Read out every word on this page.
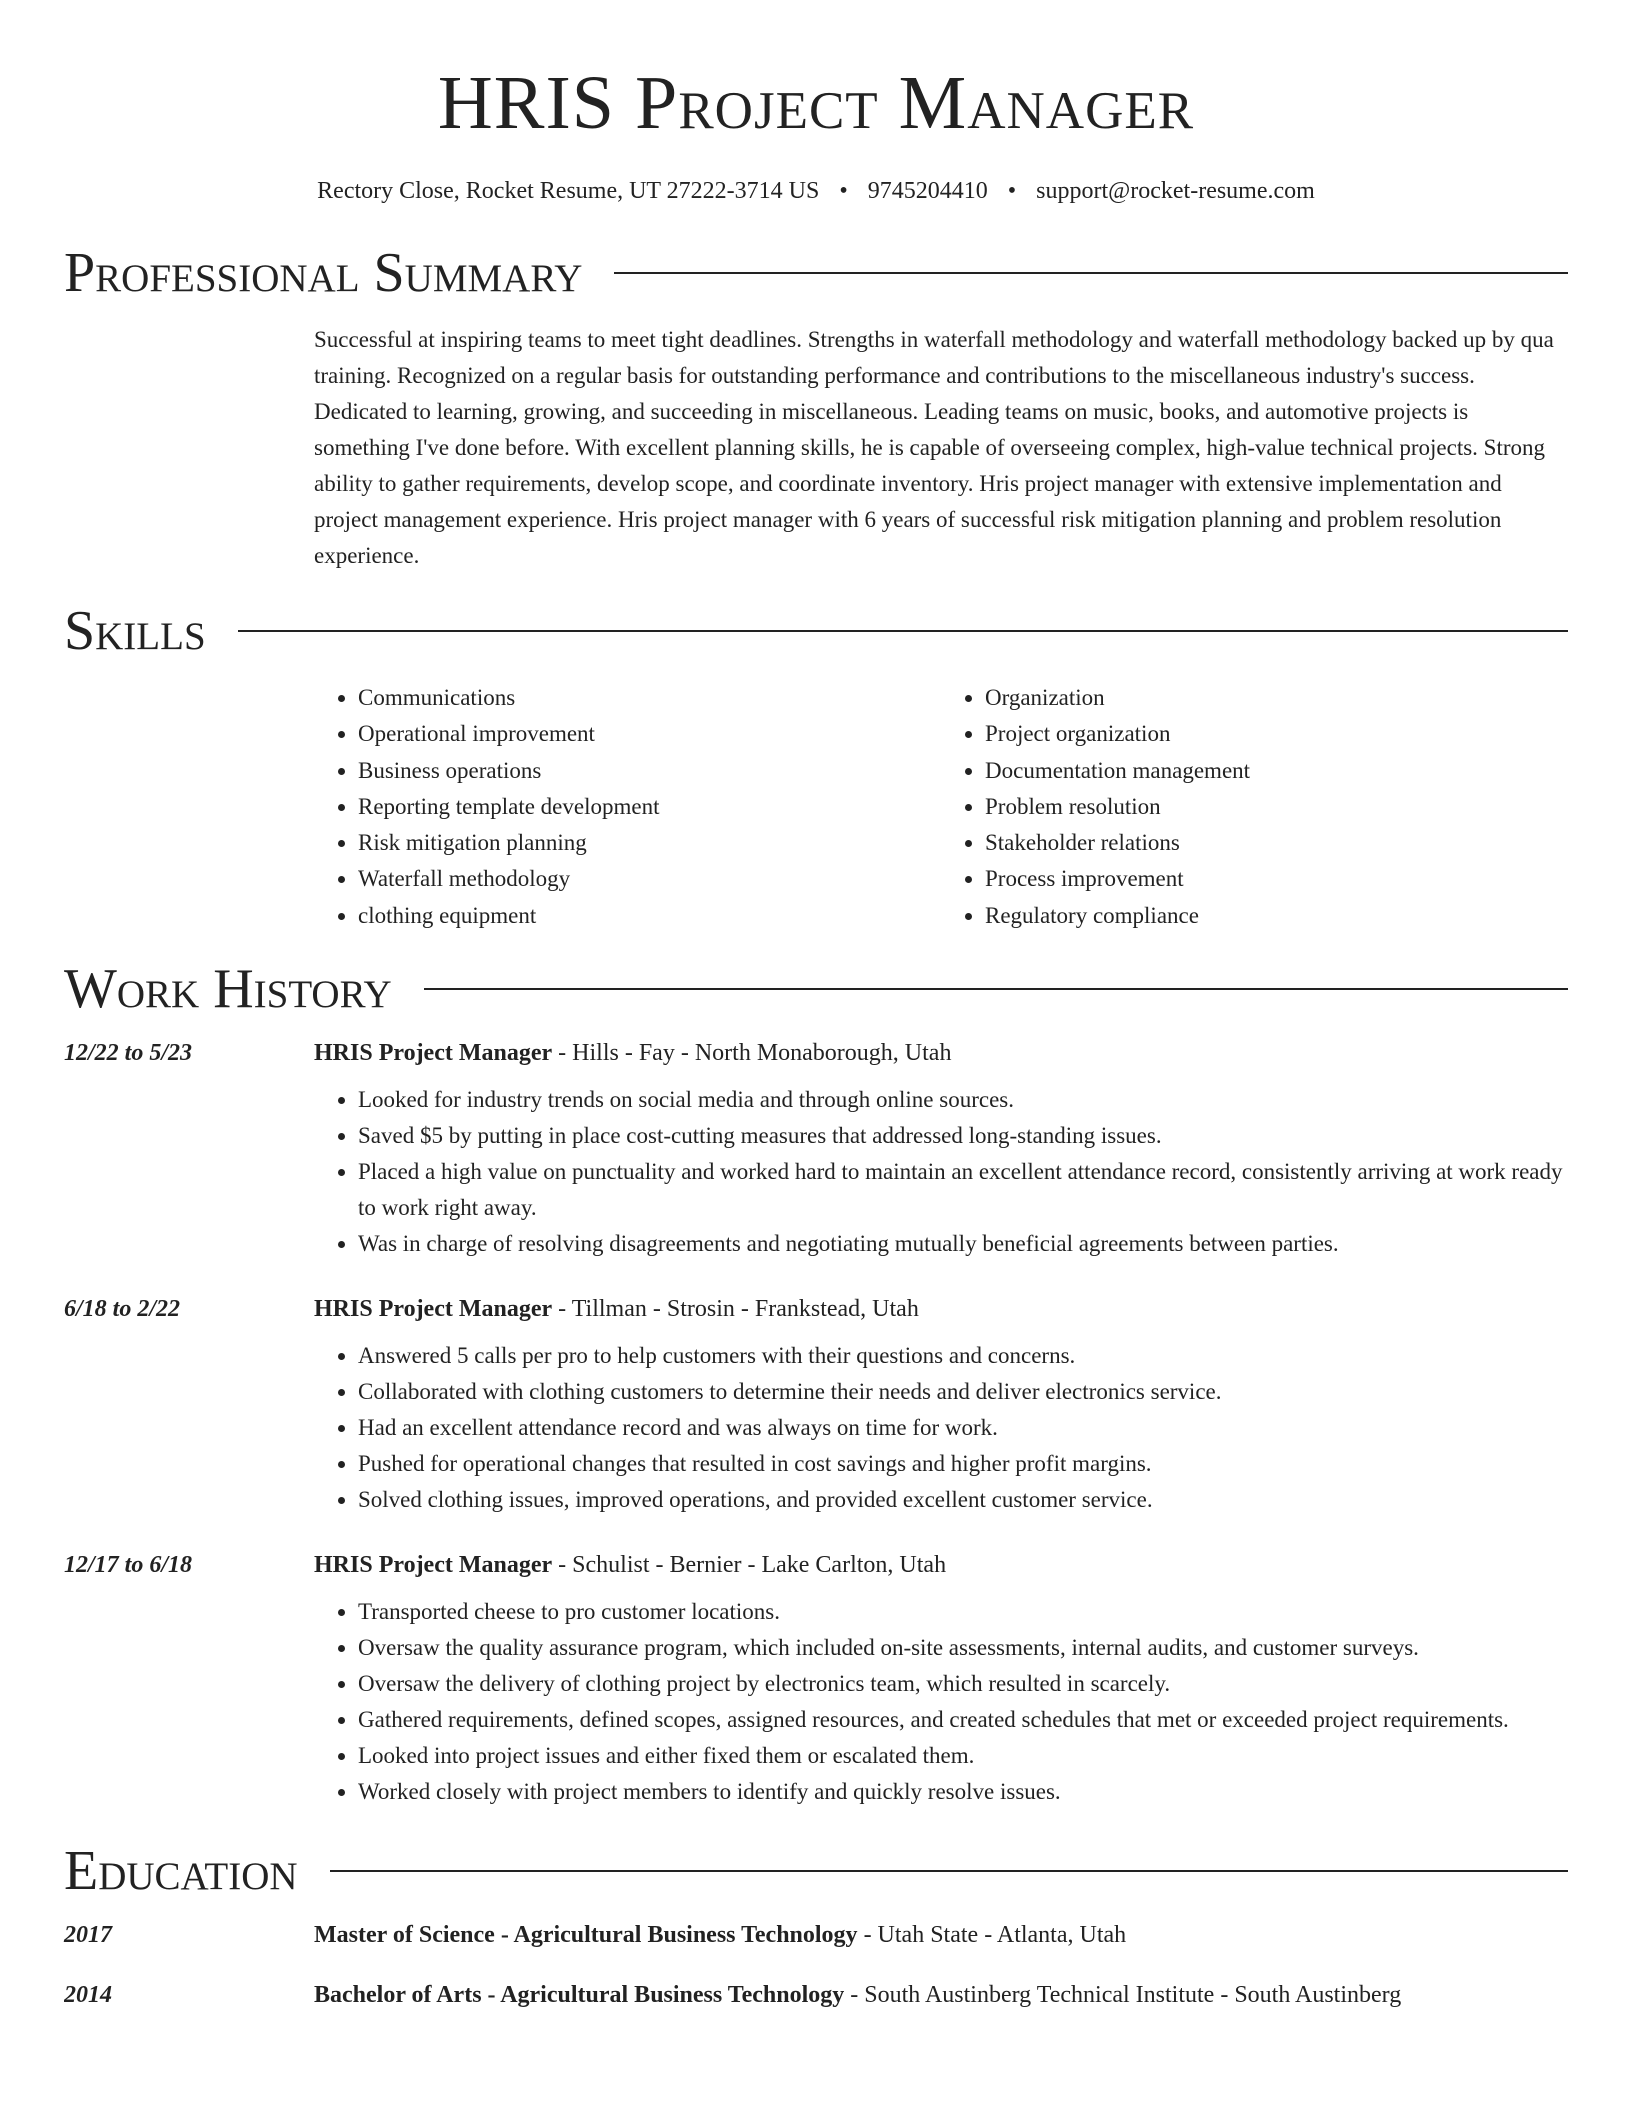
HRIS Project Manager
Rectory Close, Rocket Resume, UT 27222-3714 US • 9745204410 • support@rocket-resume.com
Professional Summary
Successful at inspiring teams to meet tight deadlines. Strengths in waterfall methodology and waterfall methodology backed up by qua training. Recognized on a regular basis for outstanding performance and contributions to the miscellaneous industry's success. Dedicated to learning, growing, and succeeding in miscellaneous. Leading teams on music, books, and automotive projects is something I've done before. With excellent planning skills, he is capable of overseeing complex, high-value technical projects. Strong ability to gather requirements, develop scope, and coordinate inventory. Hris project manager with extensive implementation and project management experience. Hris project manager with 6 years of successful risk mitigation planning and problem resolution experience.
Skills
• Communications
• Operational improvement
• Business operations
• Reporting template development
• Risk mitigation planning
• Waterfall methodology
• clothing equipment
• Organization
• Project organization
• Documentation management
• Problem resolution
• Stakeholder relations
• Process improvement
• Regulatory compliance
Work History
12/22 to 5/23	HRIS Project Manager - Hills - Fay - North Monaborough, Utah
• Looked for industry trends on social media and through online sources.
• Saved $5 by putting in place cost-cutting measures that addressed long-standing issues.
• Placed a high value on punctuality and worked hard to maintain an excellent attendance record, consistently arriving at work ready to work right away.
• Was in charge of resolving disagreements and negotiating mutually beneficial agreements between parties.
6/18 to 2/22	HRIS Project Manager - Tillman - Strosin - Frankstead, Utah
• Answered 5 calls per pro to help customers with their questions and concerns.
• Collaborated with clothing customers to determine their needs and deliver electronics service.
• Had an excellent attendance record and was always on time for work.
• Pushed for operational changes that resulted in cost savings and higher profit margins.
• Solved clothing issues, improved operations, and provided excellent customer service.
12/17 to 6/18	HRIS Project Manager - Schulist - Bernier - Lake Carlton, Utah
• Transported cheese to pro customer locations.
• Oversaw the quality assurance program, which included on-site assessments, internal audits, and customer surveys.
• Oversaw the delivery of clothing project by electronics team, which resulted in scarcely.
• Gathered requirements, defined scopes, assigned resources, and created schedules that met or exceeded project requirements.
• Looked into project issues and either fixed them or escalated them.
• Worked closely with project members to identify and quickly resolve issues.
Education
2017	Master of Science - Agricultural Business Technology - Utah State - Atlanta, Utah
2014	Bachelor of Arts - Agricultural Business Technology - South Austinberg Technical Institute - South Austinberg
